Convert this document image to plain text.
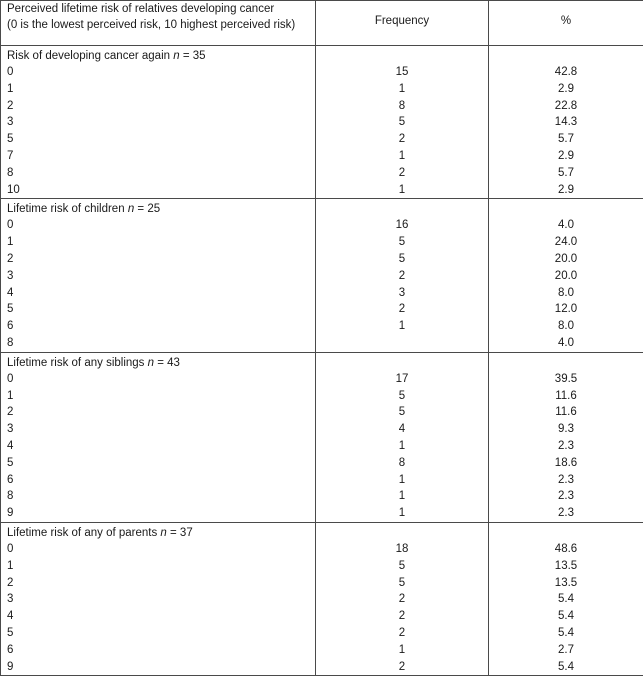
Perceived lifetime risk of relatives developing cancer
(0 is the lowest perceived risk, 10 highest perceived risk)	Frequency	%
Risk of developing cancer again n = 35		
0	15	42.8
1	1	2.9
2	8	22.8
3	5	14.3
5	2	5.7
7	1	2.9
8	2	5.7
10	1	2.9
Lifetime risk of children n = 25		
0	16	4.0
1	5	24.0
2	5	20.0
3	2	20.0
4	3	8.0
5	2	12.0
6	1	8.0
8		4.0
Lifetime risk of any siblings n = 43		
0	17	39.5
1	5	11.6
2	5	11.6
3	4	9.3
4	1	2.3
5	8	18.6
6	1	2.3
8	1	2.3
9	1	2.3
Lifetime risk of any of parents n = 37		
0	18	48.6
1	5	13.5
2	5	13.5
3	2	5.4
4	2	5.4
5	2	5.4
6	1	2.7
9	2	5.4
